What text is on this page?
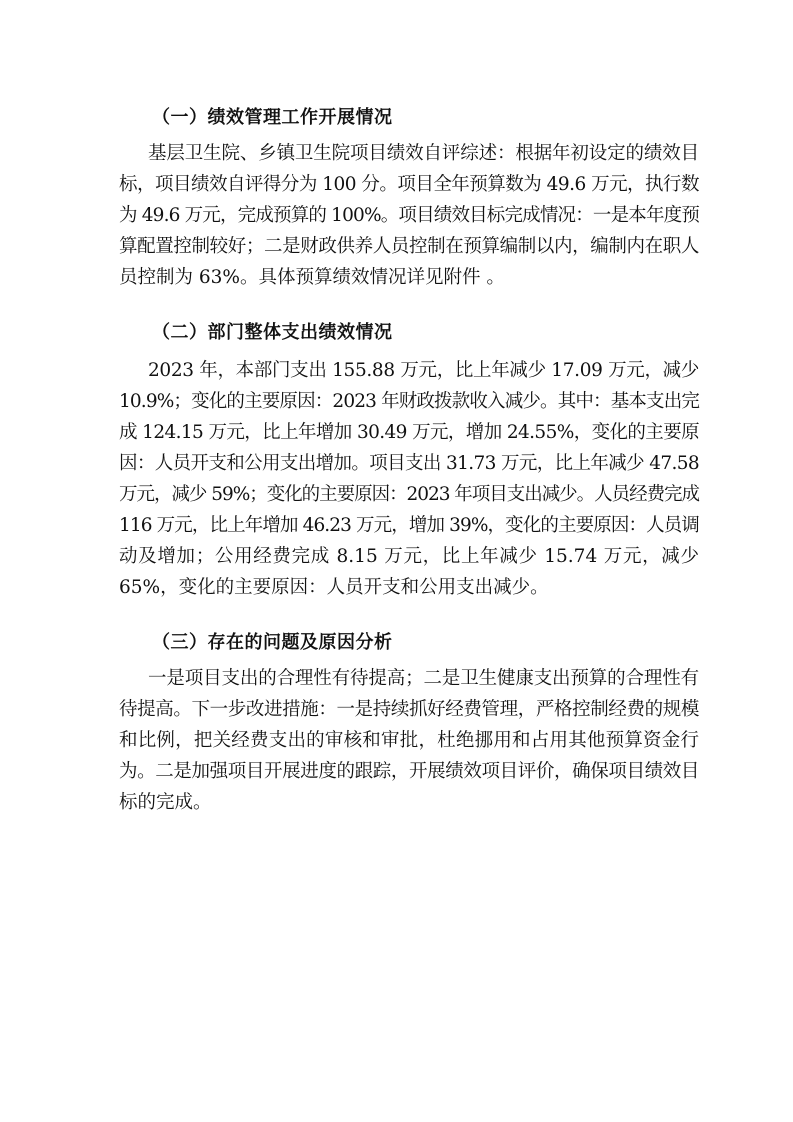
（一）绩效管理工作开展情况
基层卫生院、乡镇卫生院项目绩效自评综述：根据年初设定的绩效目
标，项目绩效自评得分为 100 分。项目全年预算数为 49.6 万元，执行数
为 49.6 万元，完成预算的 100%。项目绩效目标完成情况：一是本年度预
算配置控制较好；二是财政供养人员控制在预算编制以内，编制内在职人
员控制为 63%。具体预算绩效情况详见附件 。
（二）部门整体支出绩效情况
2023 年，本部门支出 155.88 万元，比上年减少 17.09 万元，减少
10.9%；变化的主要原因：2023 年财政拨款收入减少。其中：基本支出完
成 124.15 万元，比上年增加 30.49 万元，增加 24.55%，变化的主要原
因：人员开支和公用支出增加。项目支出 31.73 万元，比上年减少 47.58
万元，减少 59%；变化的主要原因：2023 年项目支出减少。人员经费完成
116 万元，比上年增加 46.23 万元，增加 39%，变化的主要原因：人员调
动及增加；公用经费完成 8.15 万元，比上年减少 15.74 万元，减少
65%，变化的主要原因：人员开支和公用支出减少。
（三）存在的问题及原因分析
一是项目支出的合理性有待提高；二是卫生健康支出预算的合理性有
待提高。下一步改进措施：一是持续抓好经费管理，严格控制经费的规模
和比例，把关经费支出的审核和审批，杜绝挪用和占用其他预算资金行
为。二是加强项目开展进度的跟踪，开展绩效项目评价，确保项目绩效目
标的完成。
